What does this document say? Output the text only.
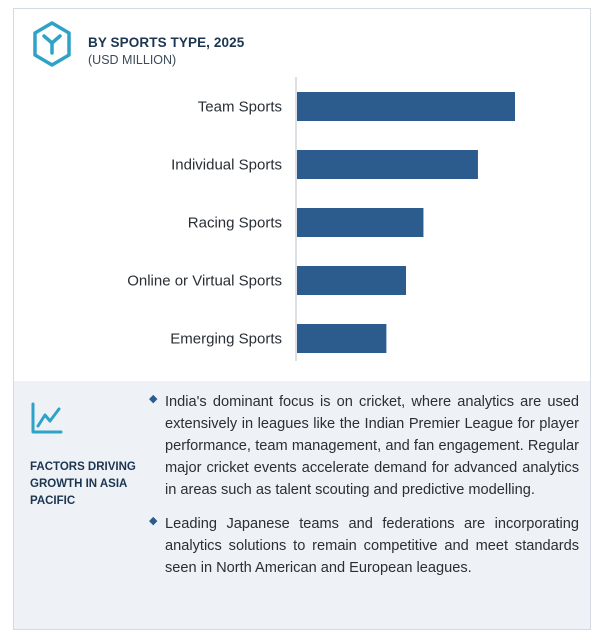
BY SPORTS TYPE, 2025
(USD MILLION)
Team Sports
Individual Sports
Racing Sports
Online or Virtual Sports
Emerging Sports
FACTORS DRIVING GROWTH IN ASIA PACIFIC
◆ India's dominant focus is on cricket, where analytics are used extensively in leagues like the Indian Premier League for player performance, team management, and fan engagement. Regular major cricket events accelerate demand for advanced analytics in areas such as talent scouting and predictive modelling.
◆ Leading Japanese teams and federations are incorporating analytics solutions to remain competitive and meet standards seen in North American and European leagues.
